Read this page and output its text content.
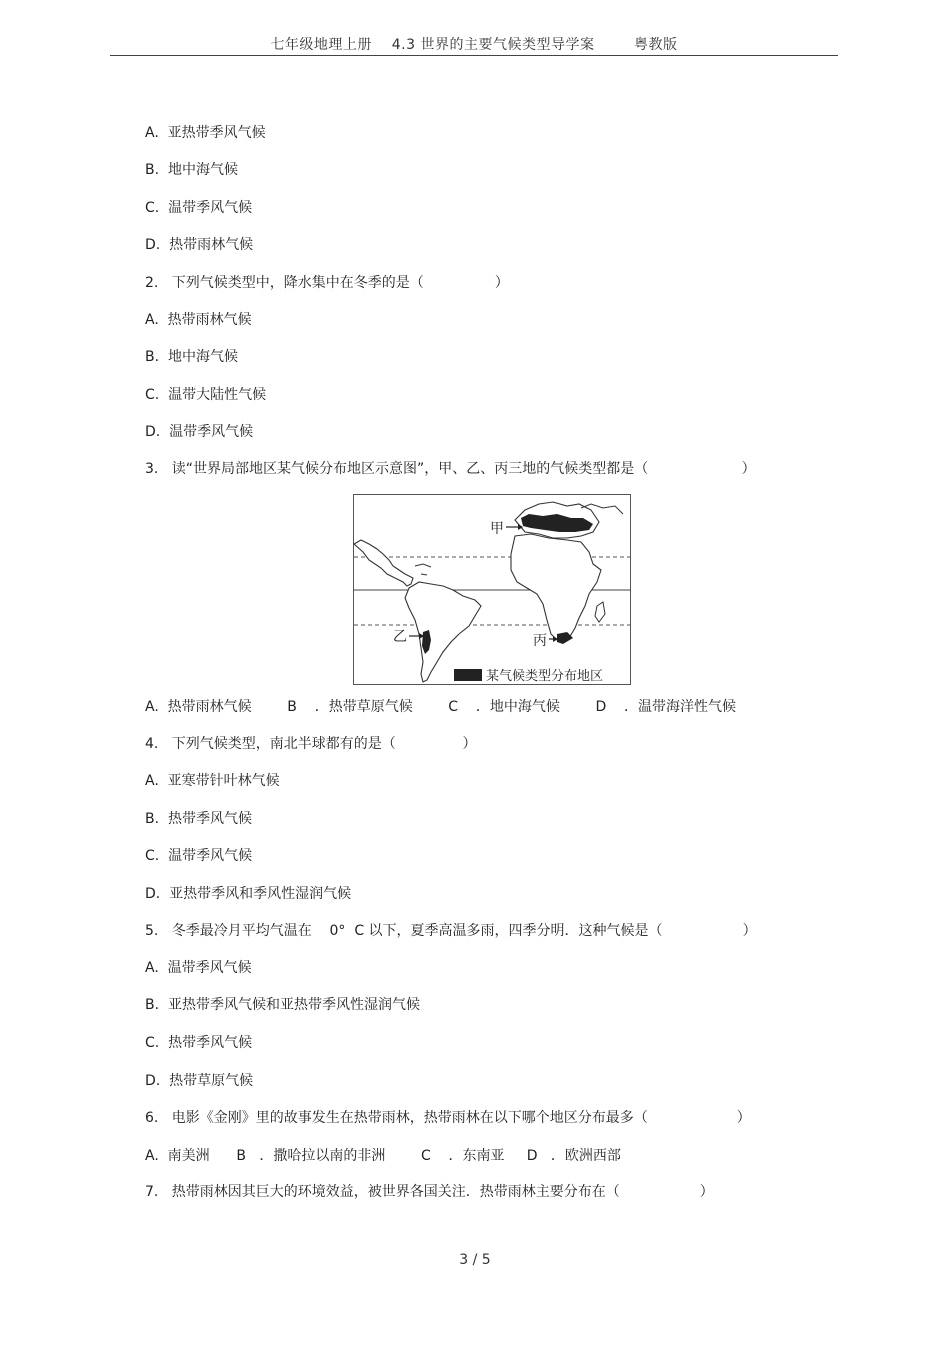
七年级地理上册    4.3 世界的主要气候类型导学案        粤教版
A.  亚热带季风气候
B.  地中海气候
C.  温带季风气候
D.  热带雨林气候
2.   下列气候类型中，降水集中在冬季的是（                ）
A.  热带雨林气候
B.  地中海气候
C.  温带大陆性气候
D.  温带季风气候
3.   读“世界局部地区某气候分布地区示意图”，甲、乙、丙三地的气候类型都是（                     ）
甲
乙	丙
某气候类型分布地区
A.  热带雨林气候        B    ．热带草原气候        C    ．地中海气候        D    ．温带海洋性气候
4.   下列气候类型，南北半球都有的是（               ）
A.  亚寒带针叶林气候
B.  热带季风气候
C.  温带季风气候
D.  亚热带季风和季风性湿润气候
5.   冬季最冷月平均气温在    0°  C 以下，夏季高温多雨，四季分明．这种气候是（                  ）
A.  温带季风气候
B.  亚热带季风气候和亚热带季风性湿润气候
C.  热带季风气候
D.  热带草原气候
6.   电影《金刚》里的故事发生在热带雨林，热带雨林在以下哪个地区分布最多（                    ）
A.  南美洲      B   ．撒哈拉以南的非洲        C    ．东南亚     D   ．欧洲西部
7.   热带雨林因其巨大的环境效益，被世界各国关注．热带雨林主要分布在（                  ）
3 / 5
